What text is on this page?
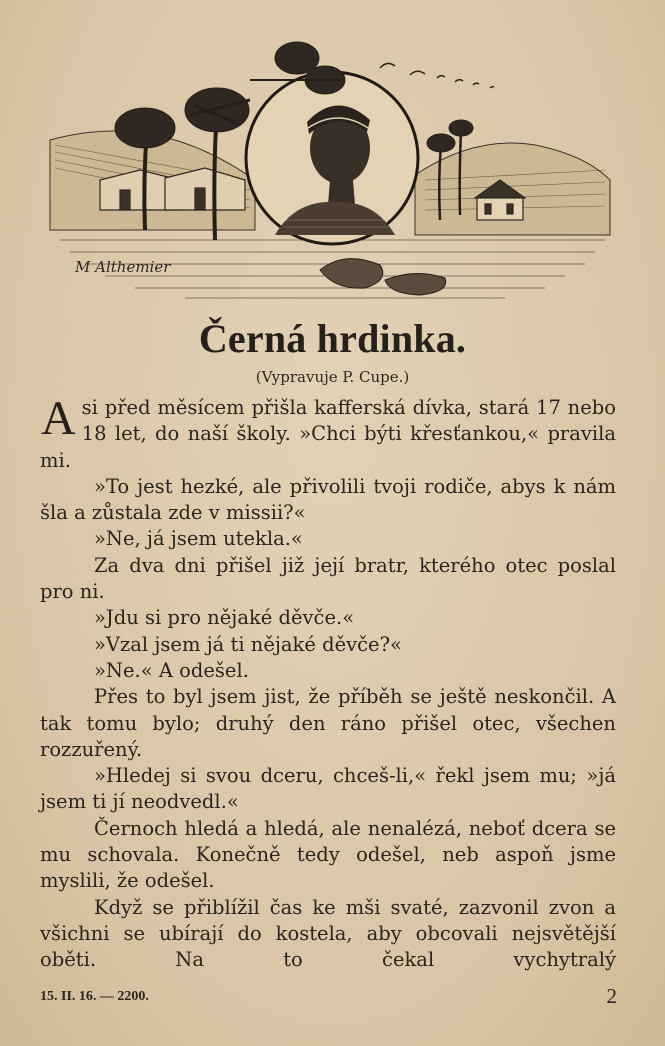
M Althemier
Černá hrdinka.
(Vypravuje P. Cupe.)
Asi před měsícem přišla kafferská dívka, stará 17 nebo 18 let, do naší školy. »Chci býti křesťankou,« pravila mi.
»To jest hezké, ale přivolili tvoji rodiče, abys k nám šla a zůstala zde v missii?«
»Ne, já jsem utekla.«
Za dva dni přišel již její bratr, kterého otec poslal pro ni.
»Jdu si pro nějaké děvče.«
»Vzal jsem já ti nějaké děvče?«
»Ne.« A odešel.
Přes to byl jsem jist, že příběh se ještě neskončil. A tak tomu bylo; druhý den ráno přišel otec, všechen rozzuřený.
»Hledej si svou dceru, chceš-li,« řekl jsem mu; »já jsem ti jí neodvedl.«
Černoch hledá a hledá, ale nenalézá, neboť dcera se mu schovala. Konečně tedy odešel, neb aspoň jsme myslili, že odešel.
Když se přiblížil čas ke mši svaté, zazvonil zvon a všichni se ubírají do kostela, aby obcovali nejsvětější oběti. Na to čekal vychytralý
15. II. 16. — 2200.	2
